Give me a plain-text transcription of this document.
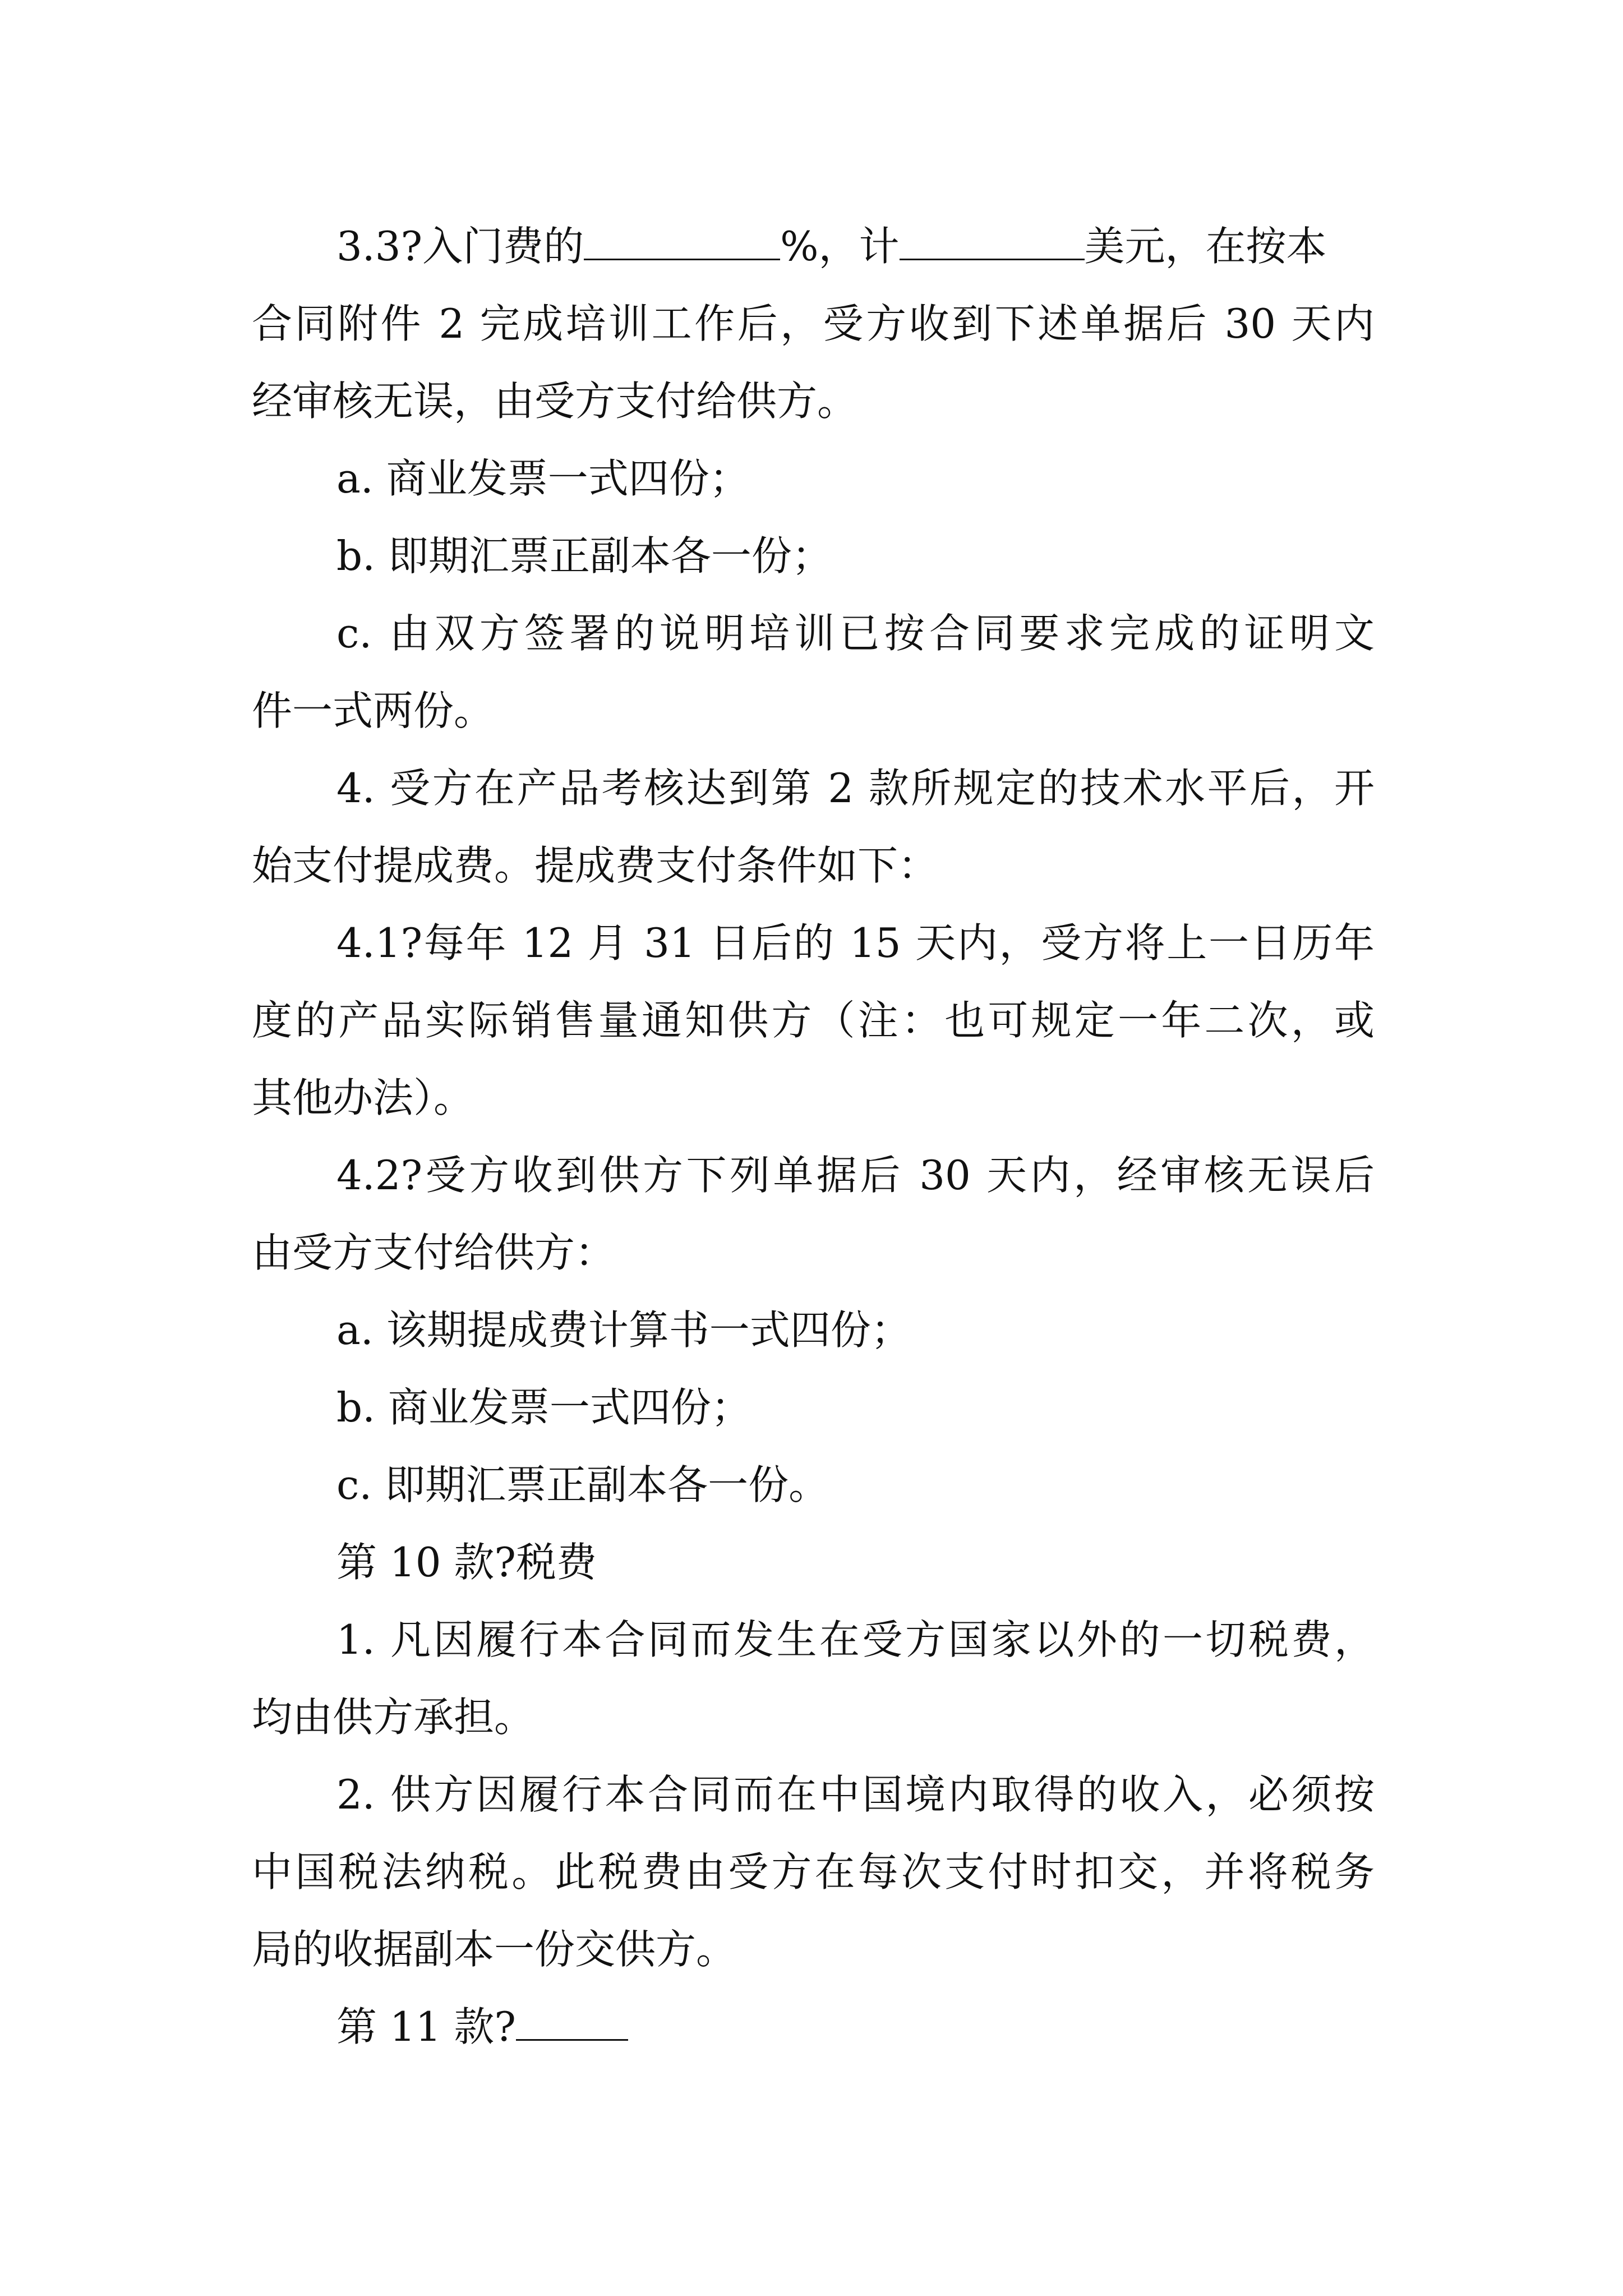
3.3?入门费的	%，计	美元，在按本
合同附件 2 完成培训工作后，受方收到下述单据后 30 天内
经审核无误，由受方支付给供方。
a. 商业发票一式四份；
b. 即期汇票正副本各一份；
c. 由双方签署的说明培训已按合同要求完成的证明文
件一式两份。
4. 受方在产品考核达到第 2 款所规定的技术水平后，开
始支付提成费。提成费支付条件如下：
4.1?每年 12 月 31 日后的 15 天内，受方将上一日历年
度的产品实际销售量通知供方（注：也可规定一年二次，或
其他办法）。
4.2?受方收到供方下列单据后 30 天内，经审核无误后
由受方支付给供方：
a. 该期提成费计算书一式四份；
b. 商业发票一式四份；
c. 即期汇票正副本各一份。
第 10 款?税费
1. 凡因履行本合同而发生在受方国家以外的一切税费，
均由供方承担。
2. 供方因履行本合同而在中国境内取得的收入，必须按
中国税法纳税。此税费由受方在每次支付时扣交，并将税务
局的收据副本一份交供方。
第 11 款?
